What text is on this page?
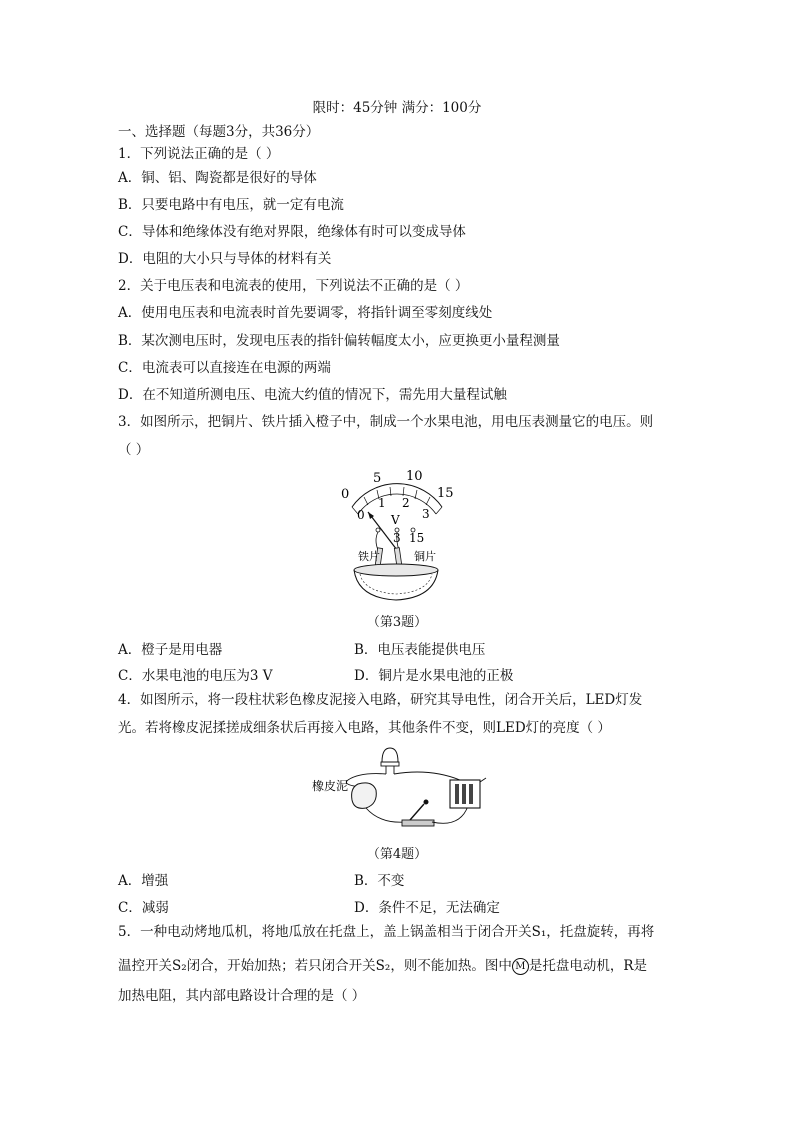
限时：45分钟 满分：100分
一、选择题（每题3分，共36分）
1．下列说法正确的是（ ）
A．铜、铝、陶瓷都是很好的导体
B．只要电路中有电压，就一定有电流
C．导体和绝缘体没有绝对界限，绝缘体有时可以变成导体
D．电阻的大小只与导体的材料有关
2．关于电压表和电流表的使用，下列说法不正确的是（ ）
A．使用电压表和电流表时首先要调零，将指针调至零刻度线处
B．某次测电压时，发现电压表的指针偏转幅度太小，应更换更小量程测量
C．电流表可以直接连在电源的两端
D．在不知道所测电压、电流大约值的情况下，需先用大量程试触
3．如图所示，把铜片、铁片插入橙子中，制成一个水果电池，用电压表测量它的电压。则
（ ）
0
5 10
15
0
1 2
3
V
3 15
铁片	铜片
（第3题）
A．橙子是用电器	B．电压表能提供电压
C．水果电池的电压为3 V	D．铜片是水果电池的正极
4．如图所示，将一段柱状彩色橡皮泥接入电路，研究其导电性，闭合开关后，LED灯发
光。若将橡皮泥揉搓成细条状后再接入电路，其他条件不变，则LED灯的亮度（ ）
橡皮泥
（第4题）
A．增强	B．不变
C．减弱	D．条件不足，无法确定
5．一种电动烤地瓜机，将地瓜放在托盘上，盖上锅盖相当于闭合开关S₁，托盘旋转，再将
温控开关S₂闭合，开始加热；若只闭合开关S₂，则不能加热。图中 M 是托盘电动机，R是
加热电阻，其内部电路设计合理的是（ ）
